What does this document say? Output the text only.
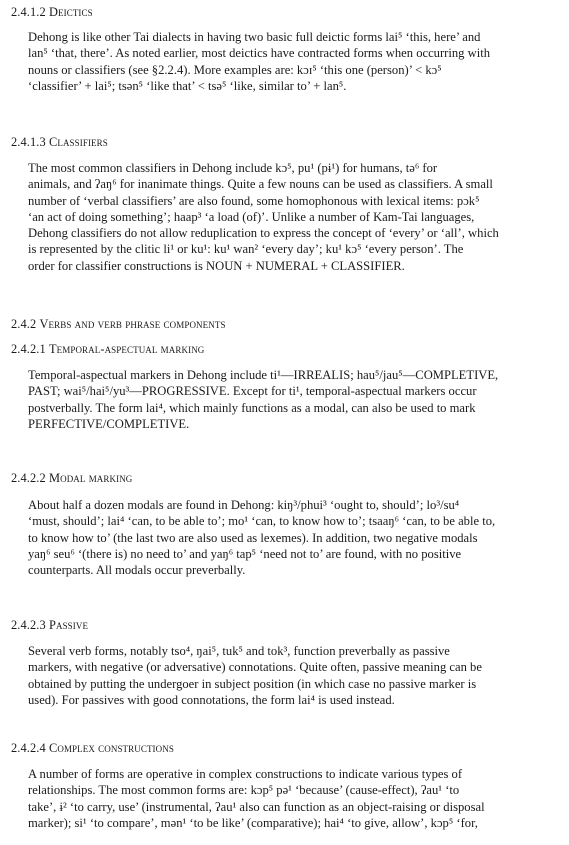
2.4.1.2 Deictics

Dehong is like other Tai dialects in having two basic full deictic forms lai⁵ ‘this, here’ and
lan⁵ ‘that, there’. As noted earlier, most deictics have contracted forms when occurring with
nouns or classifiers (see §2.2.4). More examples are: kɔɪ⁵ ‘this one (person)’ < kɔ⁵
‘classifier’ + lai⁵; tsən⁵ ‘like that’ < tsə⁵ ‘like, similar to’ + lan⁵.

2.4.1.3 Classifiers

The most common classifiers in Dehong include kɔ⁵, pu¹ (pɨ¹) for humans, tə⁶ for
animals, and ʔaŋ⁶ for inanimate things. Quite a few nouns can be used as classifiers. A small
number of ‘verbal classifiers’ are also found, some homophonous with lexical items: pɔk⁵
‘an act of doing something’; haap³ ‘a load (of)’. Unlike a number of Kam-Tai languages,
Dehong classifiers do not allow reduplication to express the concept of ‘every’ or ‘all’, which
is represented by the clitic li¹ or ku¹: ku¹ wan² ‘every day’; ku¹ kɔ⁵ ‘every person’. The
order for classifier constructions is NOUN + NUMERAL + CLASSIFIER.

2.4.2 Verbs and verb phrase components
2.4.2.1 Temporal-aspectual marking

Temporal-aspectual markers in Dehong include ti¹—IRREALIS; hau⁵/jau⁵—COMPLETIVE,
PAST; wai⁵/hai⁵/yu³—PROGRESSIVE. Except for ti¹, temporal-aspectual markers occur
postverbally. The form lai⁴, which mainly functions as a modal, can also be used to mark
PERFECTIVE/COMPLETIVE.

2.4.2.2 Modal marking

About half a dozen modals are found in Dehong: kiŋ³/phui³ ‘ought to, should’; lo³/su⁴
‘must, should’; lai⁴ ‘can, to be able to’; mo¹ ‘can, to know how to’; tsaaŋ⁶ ‘can, to be able to,
to know how to’ (the last two are also used as lexemes). In addition, two negative modals
yaŋ⁶ seu⁶ ‘(there is) no need to’ and yaŋ⁶ tap⁵ ‘need not to’ are found, with no positive
counterparts. All modals occur preverbally.

2.4.2.3 Passive

Several verb forms, notably tso⁴, ŋai⁵, tuk⁵ and tok³, function preverbally as passive
markers, with negative (or adversative) connotations. Quite often, passive meaning can be
obtained by putting the undergoer in subject position (in which case no passive marker is
used). For passives with good connotations, the form lai⁴ is used instead.

2.4.2.4 Complex constructions

A number of forms are operative in complex constructions to indicate various types of
relationships. The most common forms are: kɔp⁵ pə¹ ‘because’ (cause-effect), ʔau¹ ‘to
take’, ɨ² ‘to carry, use’ (instrumental, ʔau¹ also can function as an object-raising or disposal
marker); si¹ ‘to compare’, mən¹ ‘to be like’ (comparative); hai⁴ ‘to give, allow’, kɔp⁵ ‘for,
